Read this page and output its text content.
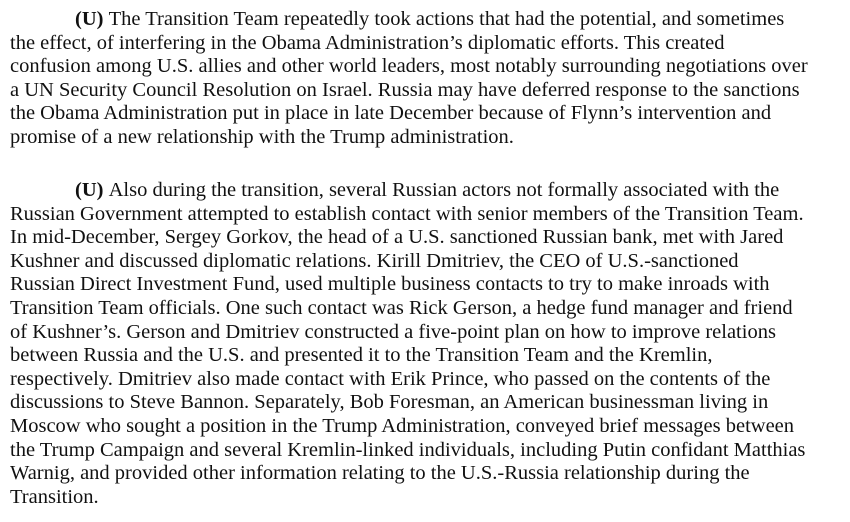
(U) The Transition Team repeatedly took actions that had the potential, and sometimes
the effect, of interfering in the Obama Administration’s diplomatic efforts. This created
confusion among U.S. allies and other world leaders, most notably surrounding negotiations over
a UN Security Council Resolution on Israel. Russia may have deferred response to the sanctions
the Obama Administration put in place in late December because of Flynn’s intervention and
promise of a new relationship with the Trump administration.
(U) Also during the transition, several Russian actors not formally associated with the
Russian Government attempted to establish contact with senior members of the Transition Team.
In mid-December, Sergey Gorkov, the head of a U.S. sanctioned Russian bank, met with Jared
Kushner and discussed diplomatic relations. Kirill Dmitriev, the CEO of U.S.-sanctioned
Russian Direct Investment Fund, used multiple business contacts to try to make inroads with
Transition Team officials. One such contact was Rick Gerson, a hedge fund manager and friend
of Kushner’s. Gerson and Dmitriev constructed a five-point plan on how to improve relations
between Russia and the U.S. and presented it to the Transition Team and the Kremlin,
respectively. Dmitriev also made contact with Erik Prince, who passed on the contents of the
discussions to Steve Bannon. Separately, Bob Foresman, an American businessman living in
Moscow who sought a position in the Trump Administration, conveyed brief messages between
the Trump Campaign and several Kremlin-linked individuals, including Putin confidant Matthias
Warnig, and provided other information relating to the U.S.-Russia relationship during the
Transition.
